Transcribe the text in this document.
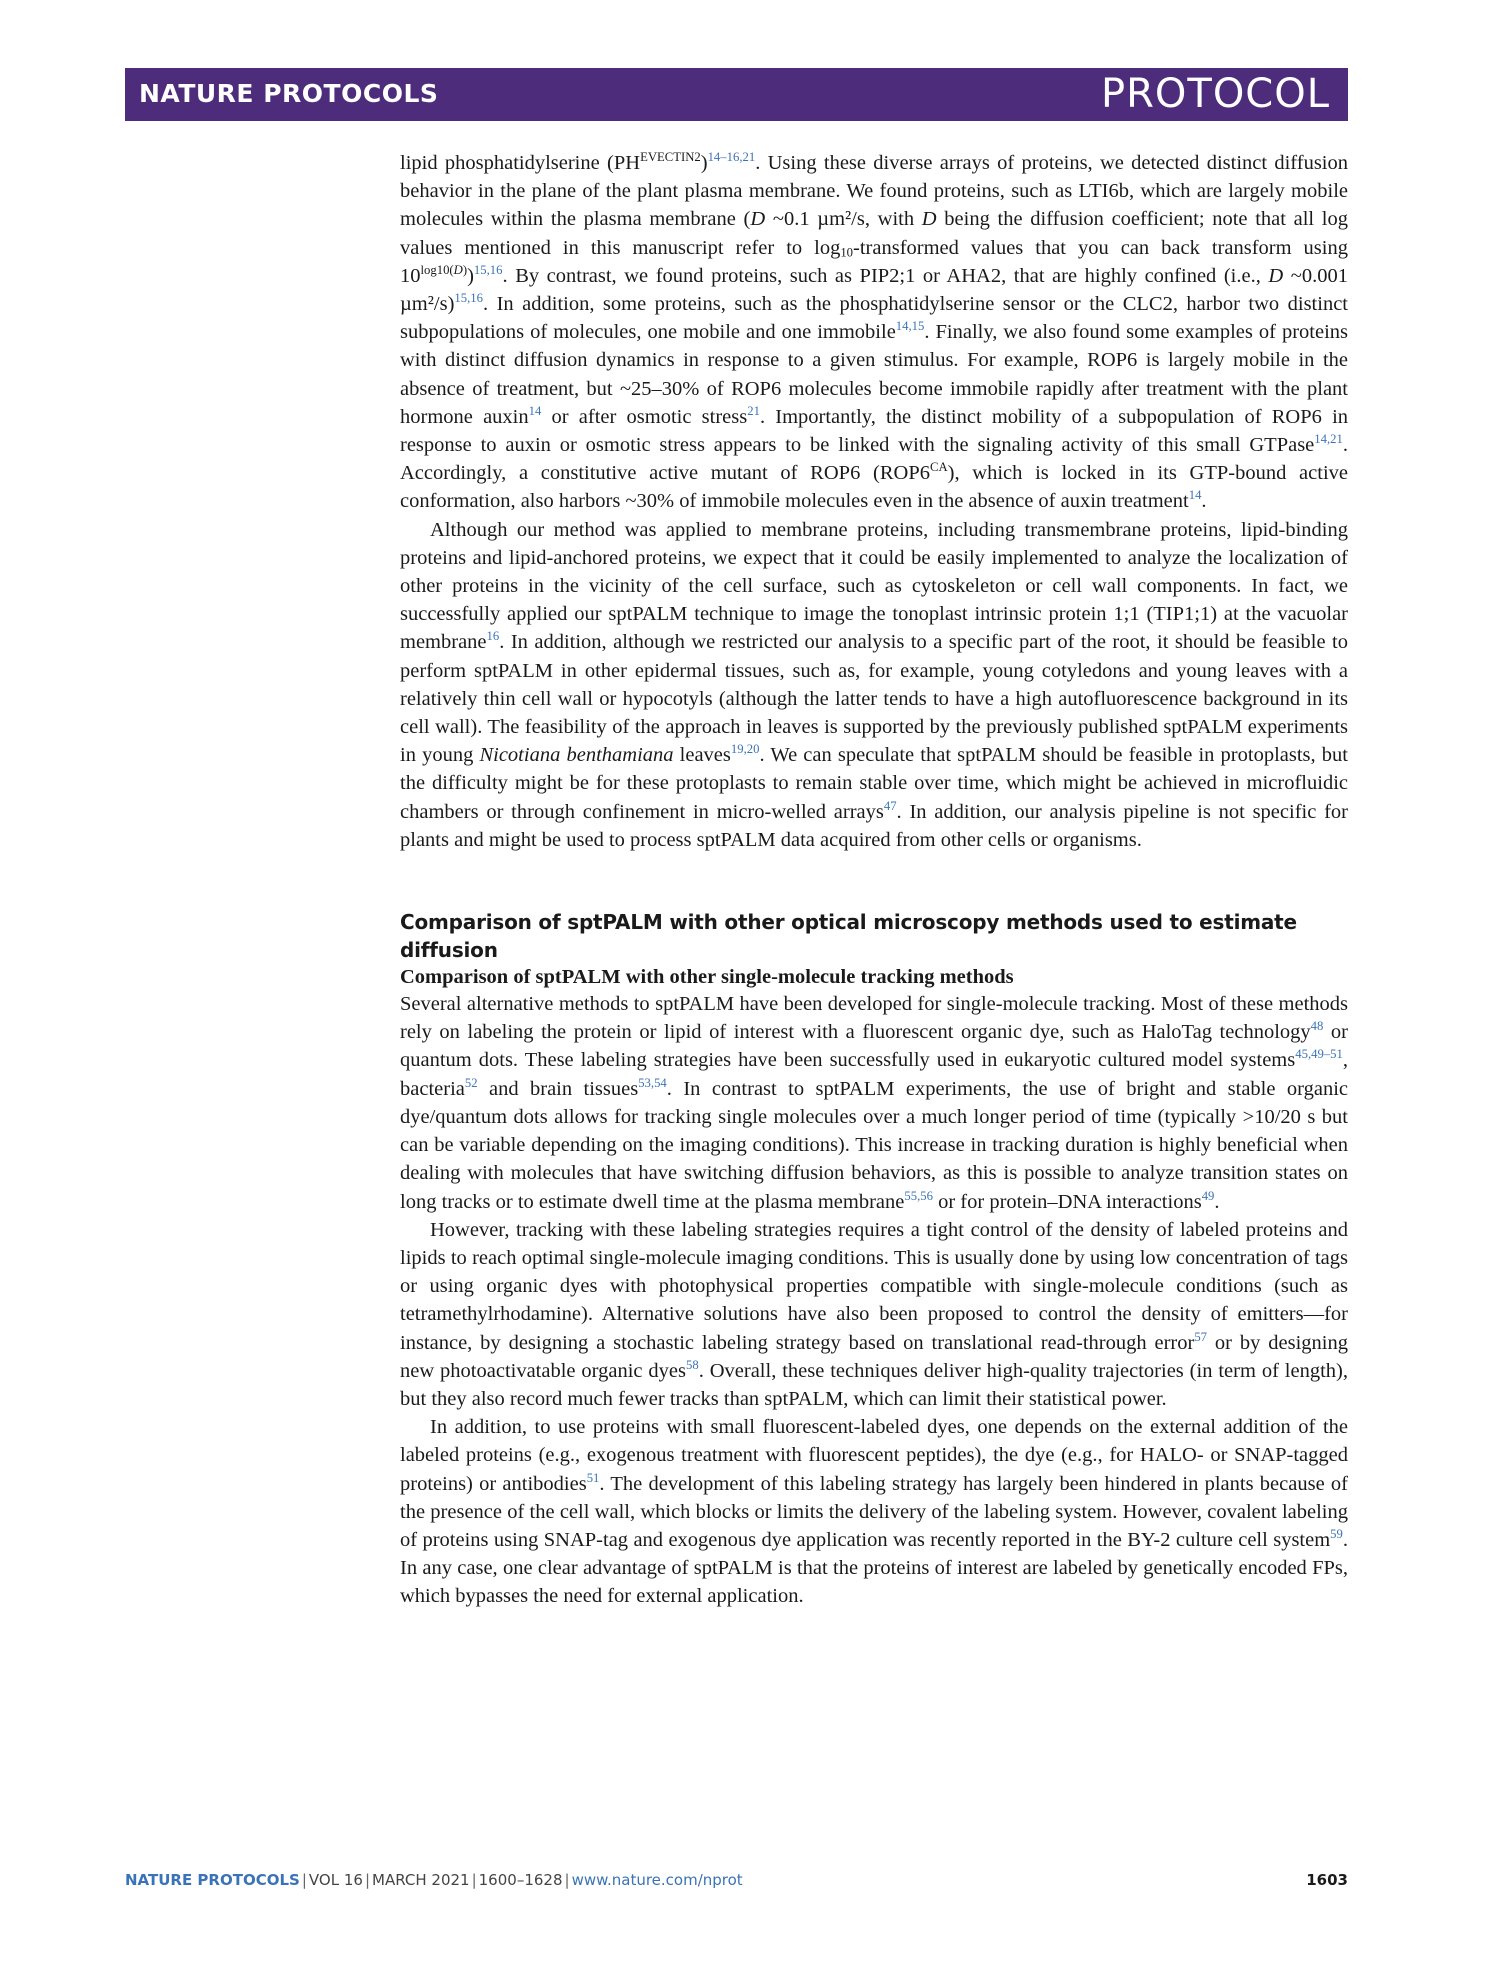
NATURE PROTOCOLS	PROTOCOL

lipid phosphatidylserine $(PH^{EVECTIN2})^{14-16,21}$. Using these diverse arrays of proteins, we detected distinct diffusion behavior in the plane of the plant plasma membrane. We found proteins, such as LTI6b, which are largely mobile molecules within the plasma membrane (D ~0.1 µm²/s, with D being the diffusion coefficient; note that all log values mentioned in this manuscript refer to $\log_{10}$-transformed values that you can back transform using $10^{log10(D)})^{15,16}$. By contrast, we found proteins, such as PIP2;1 or AHA2, that are highly confined (i.e., D ~0.001 µm²/s)$^{15,16}$. In addition, some proteins, such as the phosphatidylserine sensor or the CLC2, harbor two distinct subpopulations of molecules, one mobile and one immobile$^{14,15}$. Finally, we also found some examples of proteins with distinct diffusion dynamics in response to a given stimulus. For example, ROP6 is largely mobile in the absence of treatment, but ~25–30% of ROP6 molecules become immobile rapidly after treatment with the plant hormone auxin$^{14}$ or after osmotic stress$^{21}$. Importantly, the distinct mobility of a subpopulation of ROP6 in response to auxin or osmotic stress appears to be linked with the signaling activity of this small GTPase$^{14,21}$. Accordingly, a constitutive active mutant of ROP6 $(ROP6^{CA})$, which is locked in its GTP-bound active conformation, also harbors ~30% of immobile molecules even in the absence of auxin treatment$^{14}$.

Although our method was applied to membrane proteins, including transmembrane proteins, lipid-binding proteins and lipid-anchored proteins, we expect that it could be easily implemented to analyze the localization of other proteins in the vicinity of the cell surface, such as cytoskeleton or cell wall components. In fact, we successfully applied our sptPALM technique to image the tonoplast intrinsic protein 1;1 (TIP1;1) at the vacuolar membrane$^{16}$. In addition, although we restricted our analysis to a specific part of the root, it should be feasible to perform sptPALM in other epidermal tissues, such as, for example, young cotyledons and young leaves with a relatively thin cell wall or hypocotyls (although the latter tends to have a high autofluorescence background in its cell wall). The feasibility of the approach in leaves is supported by the previously published sptPALM experiments in young Nicotiana benthamiana leaves$^{19,20}$. We can speculate that sptPALM should be feasible in protoplasts, but the difficulty might be for these protoplasts to remain stable over time, which might be achieved in microfluidic chambers or through confinement in micro-welled arrays$^{47}$. In addition, our analysis pipeline is not specific for plants and might be used to process sptPALM data acquired from other cells or organisms.

Comparison of sptPALM with other optical microscopy methods used to estimate diffusion
Comparison of sptPALM with other single-molecule tracking methods

Several alternative methods to sptPALM have been developed for single-molecule tracking. Most of these methods rely on labeling the protein or lipid of interest with a fluorescent organic dye, such as HaloTag technology$^{48}$ or quantum dots. These labeling strategies have been successfully used in eukaryotic cultured model systems$^{45,49-51}$, bacteria$^{52}$ and brain tissues$^{53,54}$. In contrast to sptPALM experiments, the use of bright and stable organic dye/quantum dots allows for tracking single molecules over a much longer period of time (typically >10/20 s but can be variable depending on the imaging conditions). This increase in tracking duration is highly beneficial when dealing with molecules that have switching diffusion behaviors, as this is possible to analyze transition states on long tracks or to estimate dwell time at the plasma membrane$^{55,56}$ or for protein–DNA interactions$^{49}$.

However, tracking with these labeling strategies requires a tight control of the density of labeled proteins and lipids to reach optimal single-molecule imaging conditions. This is usually done by using low concentration of tags or using organic dyes with photophysical properties compatible with single-molecule conditions (such as tetramethylrhodamine). Alternative solutions have also been proposed to control the density of emitters—for instance, by designing a stochastic labeling strategy based on translational read-through error$^{57}$ or by designing new photoactivatable organic dyes$^{58}$. Overall, these techniques deliver high-quality trajectories (in term of length), but they also record much fewer tracks than sptPALM, which can limit their statistical power.

In addition, to use proteins with small fluorescent-labeled dyes, one depends on the external addition of the labeled proteins (e.g., exogenous treatment with fluorescent peptides), the dye (e.g., for HALO- or SNAP-tagged proteins) or antibodies$^{51}$. The development of this labeling strategy has largely been hindered in plants because of the presence of the cell wall, which blocks or limits the delivery of the labeling system. However, covalent labeling of proteins using SNAP-tag and exogenous dye application was recently reported in the BY-2 culture cell system$^{59}$. In any case, one clear advantage of sptPALM is that the proteins of interest are labeled by genetically encoded FPs, which bypasses the need for external application.

NATURE PROTOCOLS | VOL 16 | MARCH 2021 | 1600–1628 | www.nature.com/nprot	1603
